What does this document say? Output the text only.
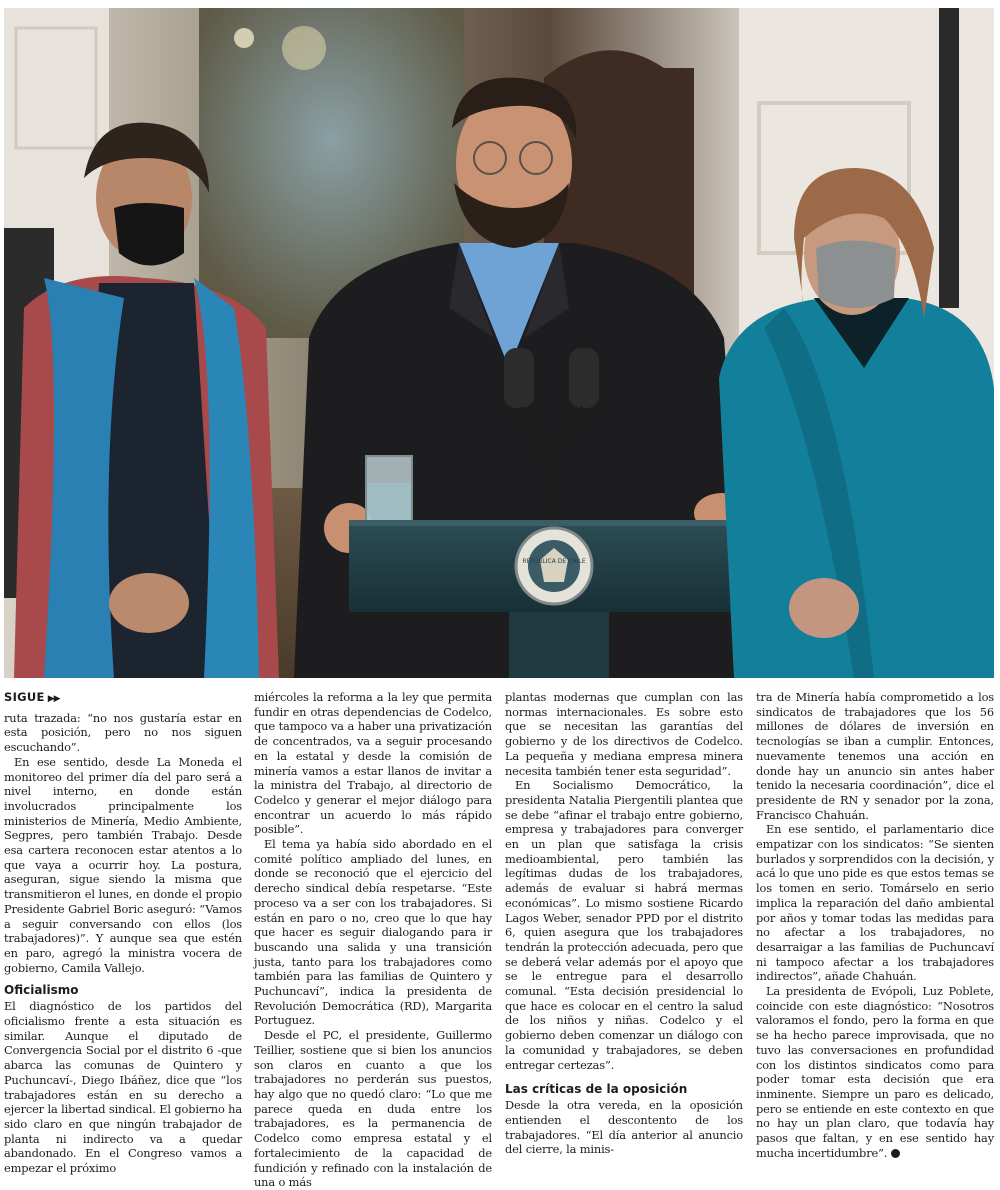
REPÚBLICA DE CHILE
SIGUE ▶▶

ruta trazada: “no nos gustaría estar en esta posición, pero no nos siguen escuchando”.

En ese sentido, desde La Moneda el monitoreo del primer día del paro será a nivel interno, en donde están involucrados principalmente los ministerios de Minería, Medio Ambiente, Segpres, pero también Trabajo. Desde esa cartera reconocen estar atentos a lo que vaya a ocurrir hoy. La postura, aseguran, sigue siendo la misma que transmitieron el lunes, en donde el propio Presidente Gabriel Boric aseguró: “Vamos a seguir conversando con ellos (los trabajadores)”. Y aunque sea que estén en paro, agregó la ministra vocera de gobierno, Camila Vallejo.

Oficialismo

El diagnóstico de los partidos del oficialismo frente a esta situación es similar. Aunque el diputado de Convergencia Social por el distrito 6 -que abarca las comunas de Quintero y Puchuncaví-, Diego Ibáñez, dice que “los trabajadores están en su derecho a ejercer la libertad sindical. El gobierno ha sido claro en que ningún trabajador de planta ni indirecto va a quedar abandonado. En el Congreso vamos a empezar el próximo

miércoles la reforma a la ley que permita fundir en otras dependencias de Codelco, que tampoco va a haber una privatización de concentrados, va a seguir procesando en la estatal y desde la comisión de minería vamos a estar llanos de invitar a la ministra del Trabajo, al directorio de Codelco y generar el mejor diálogo para encontrar un acuerdo lo más rápido posible”.

El tema ya había sido abordado en el comité político ampliado del lunes, en donde se reconoció que el ejercicio del derecho sindical debía respetarse. “Este proceso va a ser con los trabajadores. Si están en paro o no, creo que lo que hay que hacer es seguir dialogando para ir buscando una salida y una transición justa, tanto para los trabajadores como también para las familias de Quintero y Puchuncaví”, indica la presidenta de Revolución Democrática (RD), Margarita Portuguez.

Desde el PC, el presidente, Guillermo Teillier, sostiene que si bien los anuncios son claros en cuanto a que los trabajadores no perderán sus puestos, hay algo que no quedó claro: “Lo que me parece queda en duda entre los trabajadores, es la permanencia de Codelco como empresa estatal y el fortalecimiento de la capacidad de fundición y refinado con la instalación de una o más

plantas modernas que cumplan con las normas internacionales. Es sobre esto que se necesitan las garantías del gobierno y de los directivos de Codelco. La pequeña y mediana empresa minera necesita también tener esta seguridad”.

En Socialismo Democrático, la presidenta Natalia Piergentili plantea que se debe “afinar el trabajo entre gobierno, empresa y trabajadores para converger en un plan que satisfaga la crisis medioambiental, pero también las legítimas dudas de los trabajadores, además de evaluar si habrá mermas económicas”. Lo mismo sostiene Ricardo Lagos Weber, senador PPD por el distrito 6, quien asegura que los trabajadores tendrán la protección adecuada, pero que se deberá velar además por el apoyo que se le entregue para el desarrollo comunal. “Esta decisión presidencial lo que hace es colocar en el centro la salud de los niños y niñas. Codelco y el gobierno deben comenzar un diálogo con la comunidad y trabajadores, se deben entregar certezas”.

Las críticas de la oposición

Desde la otra vereda, en la oposición entienden el descontento de los trabajadores. “El día anterior al anuncio del cierre, la minis-

tra de Minería había comprometido a los sindicatos de trabajadores que los 56 millones de dólares de inversión en tecnologías se iban a cumplir. Entonces, nuevamente tenemos una acción en donde hay un anuncio sin antes haber tenido la necesaria coordinación”, dice el presidente de RN y senador por la zona, Francisco Chahuán.

En ese sentido, el parlamentario dice empatizar con los sindicatos: “Se sienten burlados y sorprendidos con la decisión, y acá lo que uno pide es que estos temas se los tomen en serio. Tomárselo en serio implica la reparación del daño ambiental por años y tomar todas las medidas para no afectar a los trabajadores, no desarraigar a las familias de Puchuncaví ni tampoco afectar a los trabajadores indirectos”, añade Chahuán.

La presidenta de Evópoli, Luz Poblete, coincide con este diagnóstico: “Nosotros valoramos el fondo, pero la forma en que se ha hecho parece improvisada, que no tuvo las conversaciones en profundidad con los distintos sindicatos como para poder tomar esta decisión que era inminente. Siempre un paro es delicado, pero se entiende en este contexto en que no hay un plan claro, que todavía hay pasos que faltan, y en ese sentido hay mucha incertidumbre”.
